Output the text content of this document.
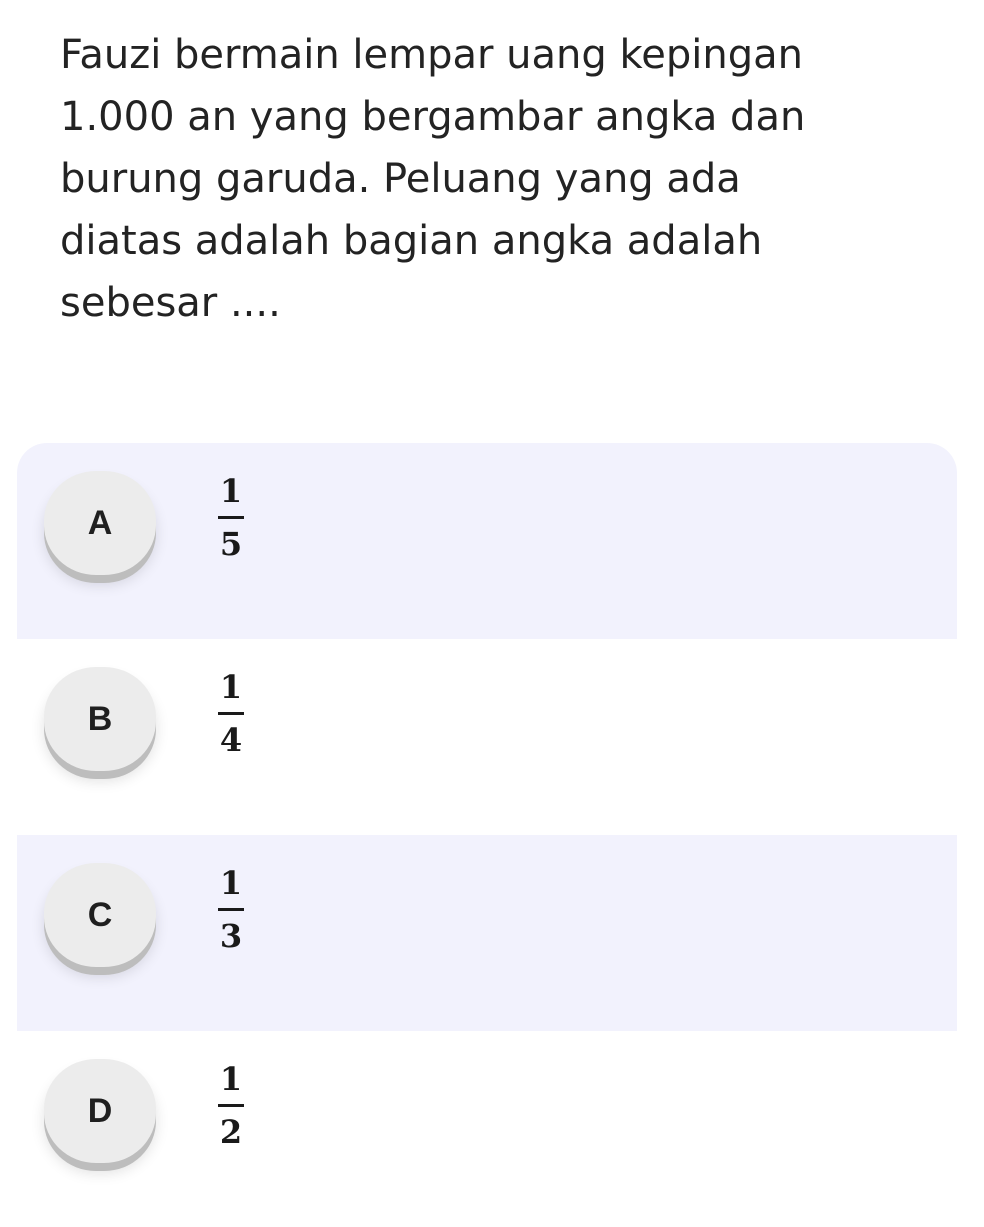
Fauzi bermain lempar uang kepingan 1.000 an yang bergambar angka dan burung garuda. Peluang yang ada diatas adalah bagian angka adalah sebesar ....

A
1
5
B
1
4
C
1
3
D
1
2
